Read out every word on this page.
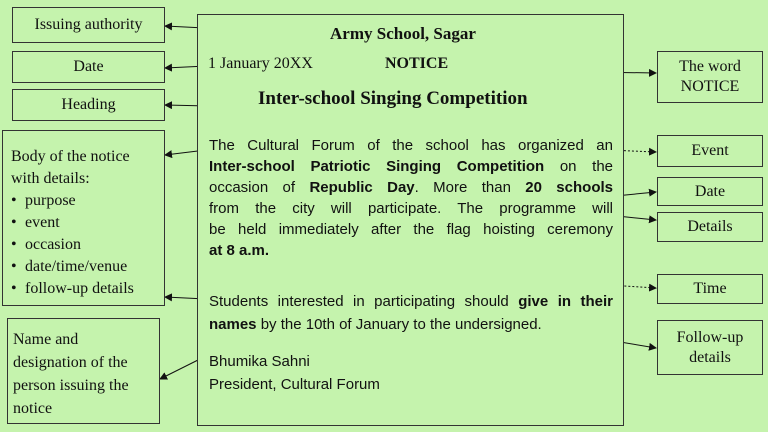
Issuing authority
Date
Heading
Body of the notice
with details:
• purpose
• event
• occasion
• date/time/venue
• follow-up details
Name and
designation of the
person issuing the
notice
Army School, Sagar
1 January 20XX	NOTICE
Inter-school Singing Competition
The Cultural Forum of the school has organized an
Inter-school Patriotic Singing Competition on the
occasion of Republic Day. More than 20 schools
from the city will participate. The programme will
be held immediately after the flag hoisting ceremony
at 8 a.m.
Students interested in participating should give in their
names by the 10th of January to the undersigned.
Bhumika Sahni
President, Cultural Forum
The word
NOTICE
Event
Date
Details
Time
Follow-up
details
